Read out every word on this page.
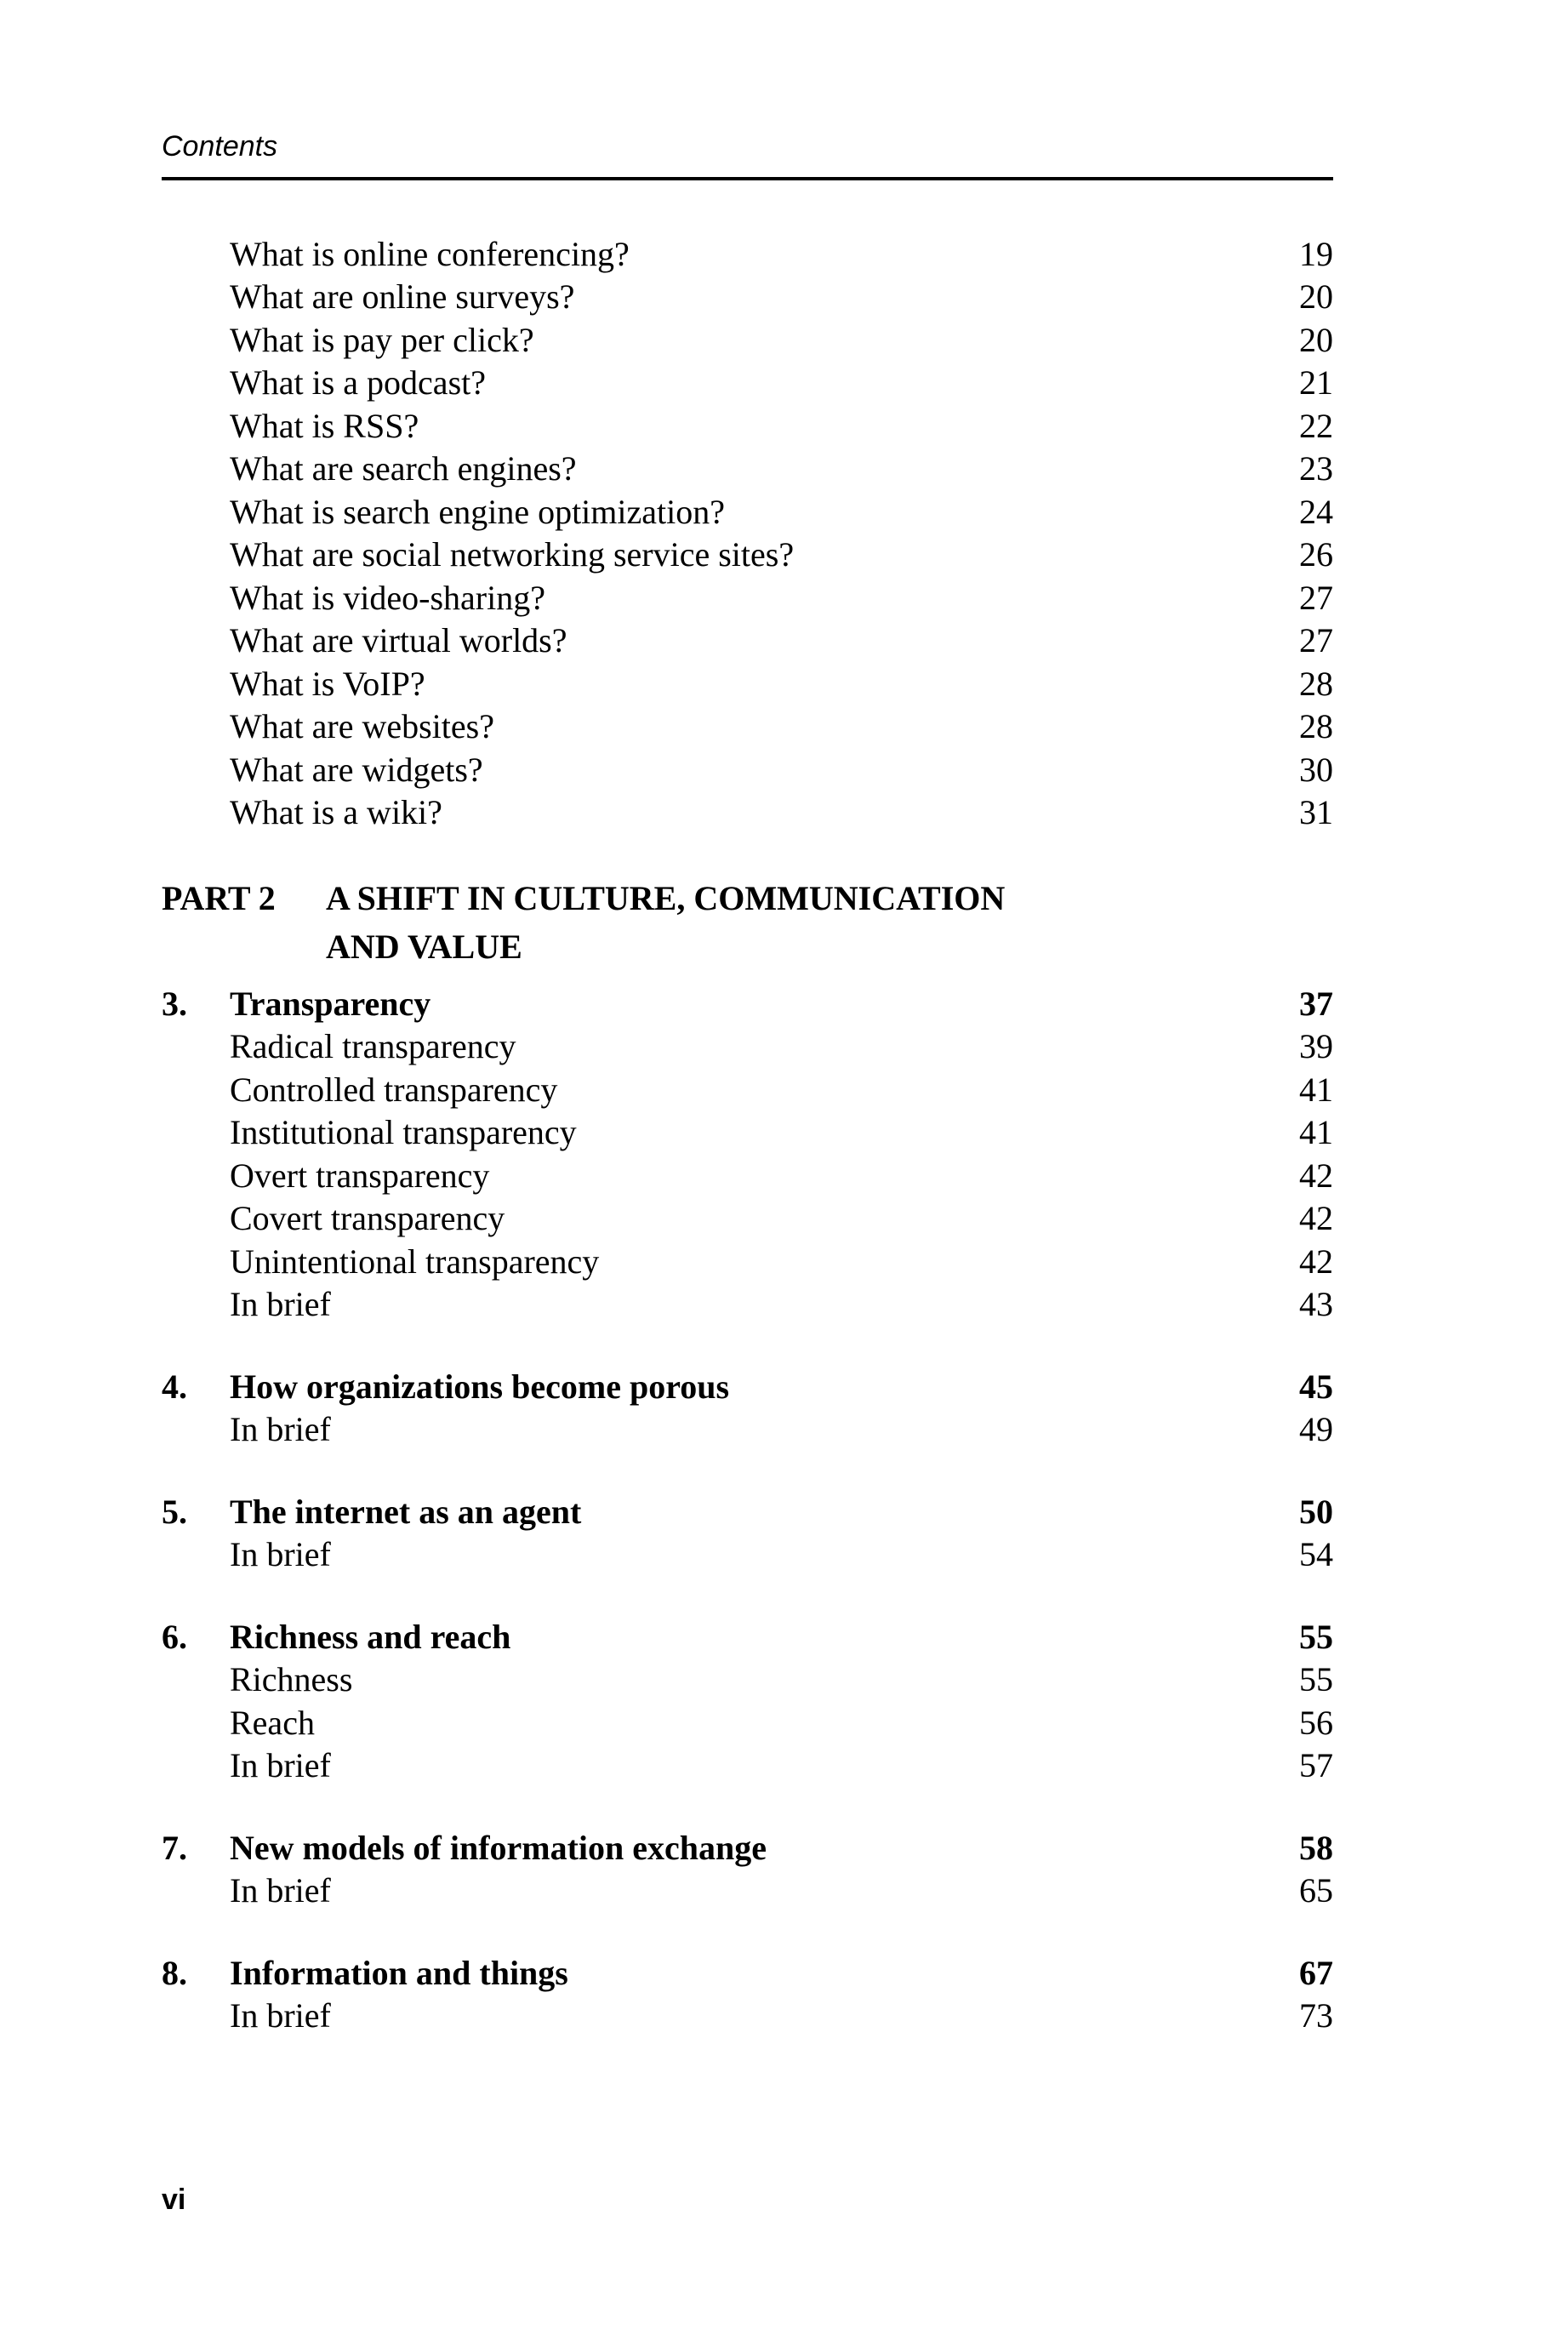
Contents
What is online conferencing?	19
What are online surveys?	20
What is pay per click?	20
What is a podcast?	21
What is RSS?	22
What are search engines?	23
What is search engine optimization?	24
What are social networking service sites?	26
What is video-sharing?	27
What are virtual worlds?	27
What is VoIP?	28
What are websites?	28
What are widgets?	30
What is a wiki?	31
PART 2	A SHIFT IN CULTURE, COMMUNICATION
AND VALUE
3.	Transparency	37
Radical transparency	39
Controlled transparency	41
Institutional transparency	41
Overt transparency	42
Covert transparency	42
Unintentional transparency	42
In brief	43
4.	How organizations become porous	45
In brief	49
5.	The internet as an agent	50
In brief	54
6.	Richness and reach	55
Richness	55
Reach	56
In brief	57
7.	New models of information exchange	58
In brief	65
8.	Information and things	67
In brief	73
vi
